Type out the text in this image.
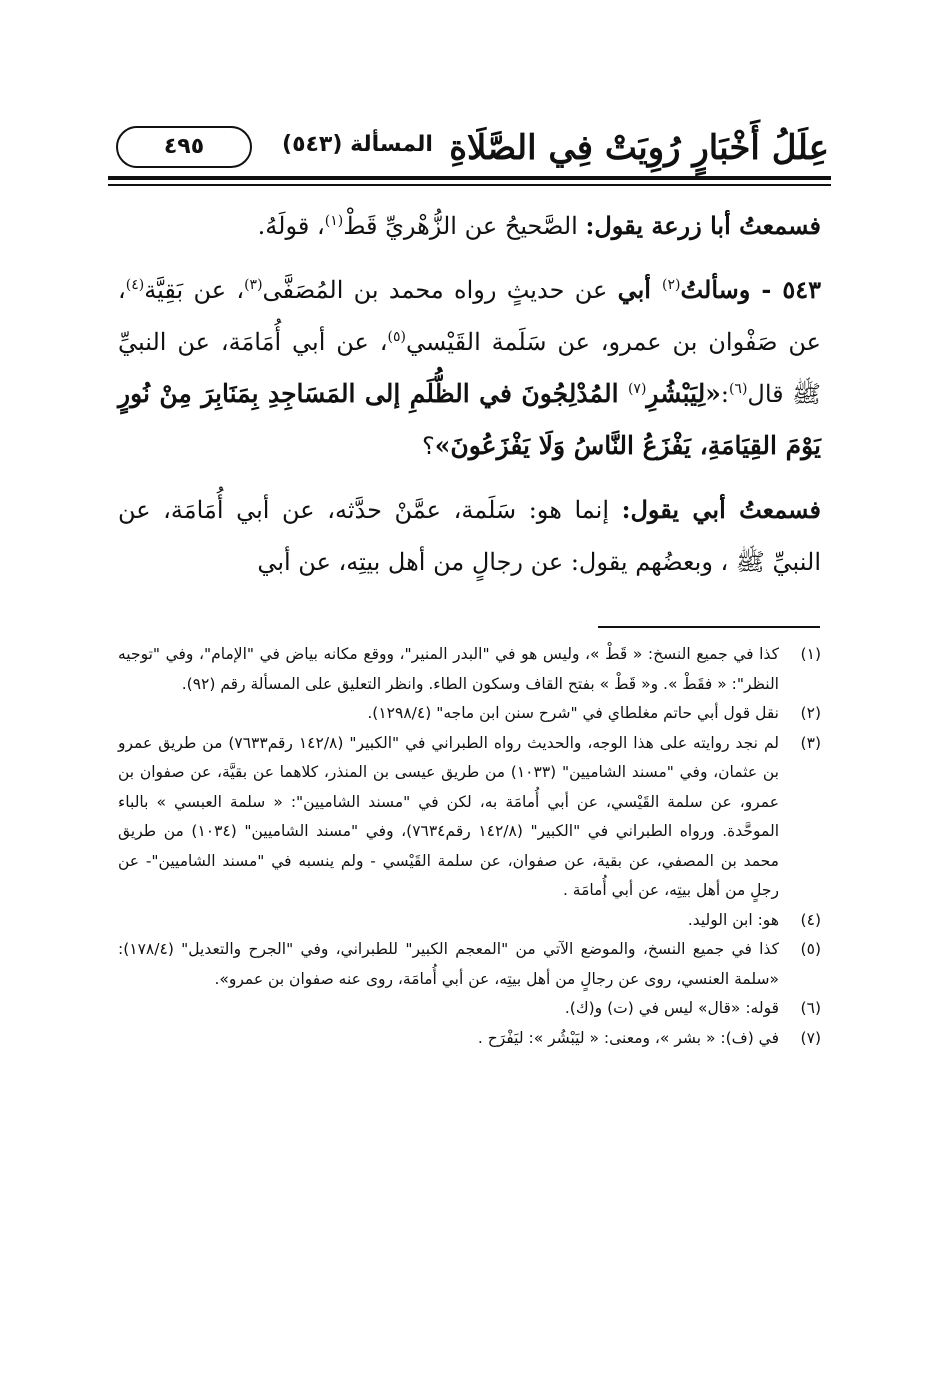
عِلَلُ أَخْبَارٍ رُوِيَتْ فِي الصَّلَاةِ
المسألة (٥٤٣)
٤٩٥

فسمعتُ أبا زرعة يقول: الصَّحيحُ عن الزُّهْريِّ قَطْ$^{(١)}$، قولَهُ.

٥٤٣ - وسألتُ$^{(٢)}$ أبي عن حديثٍ رواه محمد بن المُصَفَّى$^{(٣)}$، عن بَقِيَّة$^{(٤)}$، عن صَفْوان بن عمرو، عن سَلَمة القَيْسي$^{(٥)}$، عن أبي أُمَامَة، عن النبيِّ ﷺ قال$^{(٦)}$:«لِيَبْشُرِ$^{(٧)}$ المُدْلِجُونَ في الظُّلَمِ إلى المَسَاجِدِ بِمَنَابِرَ مِنْ نُورٍ يَوْمَ القِيَامَةِ، يَفْزَعُ النَّاسُ وَلَا يَفْزَعُونَ»؟

فسمعتُ أبي يقول: إنما هو: سَلَمة، عمَّنْ حدَّثه، عن أبي أُمَامَة، عن النبيِّ ﷺ ، وبعضُهم يقول: عن رجالٍ من أهل بيتِه، عن أبي

(١)
كذا في جميع النسخ: « قَطْ »، وليس هو في "البدر المنير"، ووقع مكانه بياض في "الإمام"، وفي "توجيه النظر": « فقَطْ ». و« قَطْ » بفتح القاف وسكون الطاء. وانظر التعليق على المسألة رقم (٩٢).
(٢)
نقل قول أبي حاتم مغلطاي في "شرح سنن ابن ماجه" (١٢٩٨/٤).
(٣)
لم نجد روايته على هذا الوجه، والحديث رواه الطبراني في "الكبير" (١٤٢/٨ رقم٧٦٣٣) من طريق عمرو بن عثمان، وفي "مسند الشاميين" (١٠٣٣) من طريق عيسى بن المنذر، كلاهما عن بقيَّة، عن صفوان بن عمرو، عن سلمة القَيْسي، عن أبي أُمامَة به، لكن في "مسند الشاميين": « سلمة العبسي » بالباء الموحَّدة. ورواه الطبراني في "الكبير" (١٤٢/٨ رقم٧٦٣٤)، وفي "مسند الشاميين" (١٠٣٤) من طريق محمد بن المصفي، عن بقية، عن صفوان، عن سلمة القَيْسي - ولم ينسبه في "مسند الشاميين"- عن رجلٍ من أهل بيتِه، عن أبي أُمامَة .
(٤)
هو: ابن الوليد.
(٥)
كذا في جميع النسخ، والموضع الآتي من "المعجم الكبير" للطبراني، وفي "الجرح والتعديل" (١٧٨/٤): «سلمة العنسي، روى عن رجالٍ من أهل بيتِه، عن أبي أُمامَة، روى عنه صفوان بن عمرو».
(٦)
قوله: «قال» ليس في (ت) و(ك).
(٧)
في (ف): « بشر »، ومعنى: « ليَبْشُر »: ليَفْرَح .
